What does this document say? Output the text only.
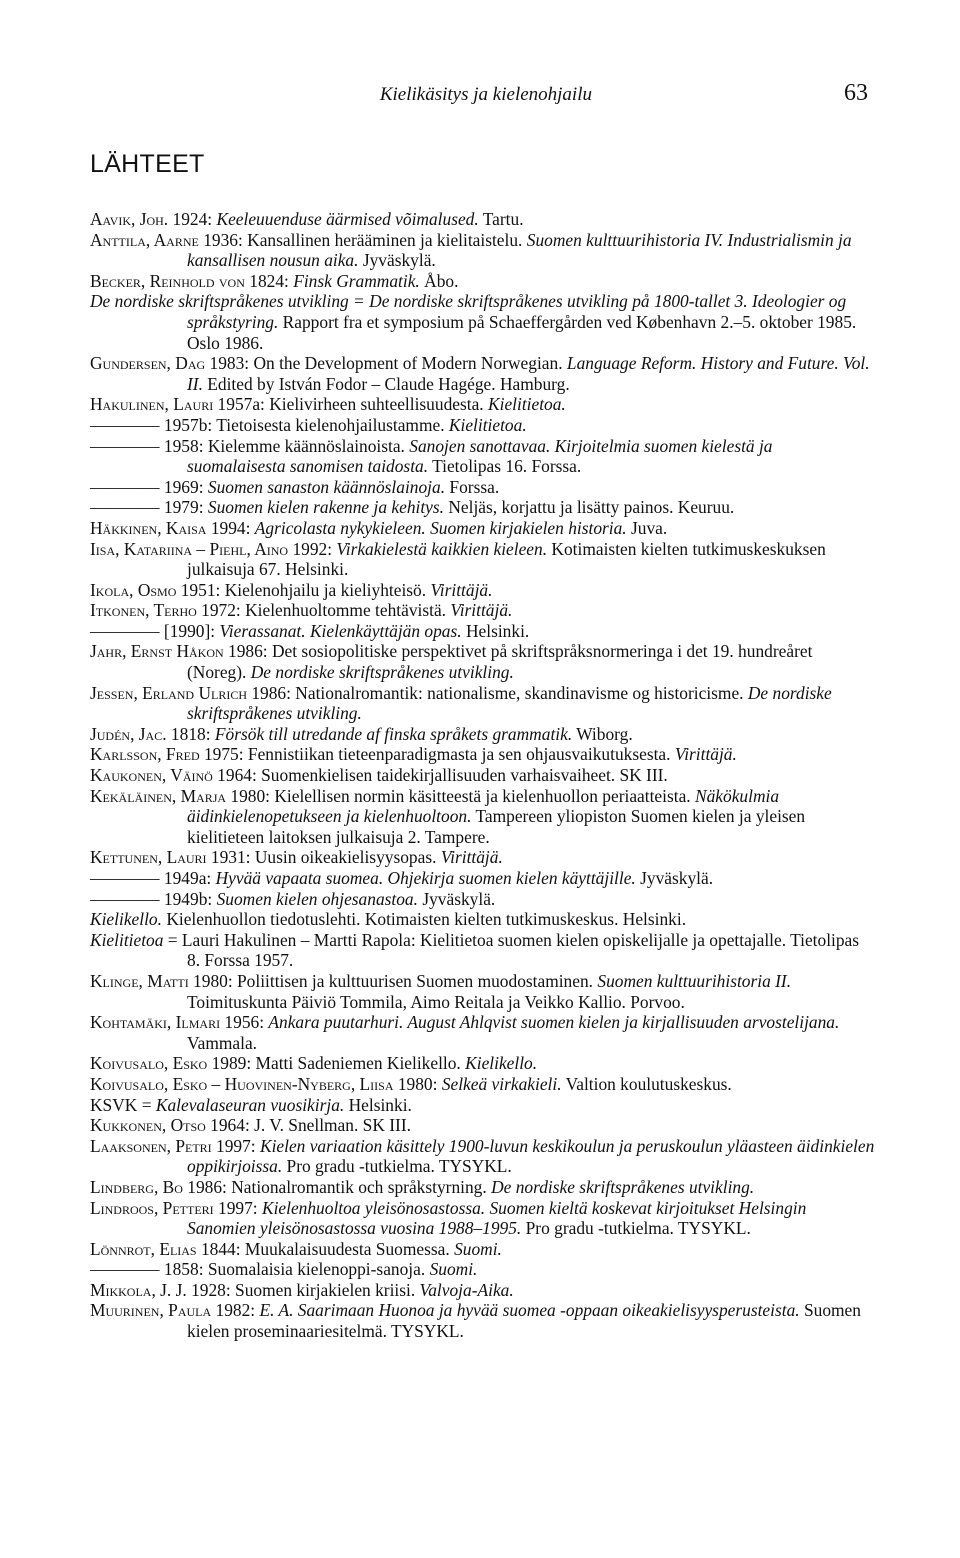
Kielikäsitys ja kielenohjailu	63
LÄHTEET

Aavik, Joh. 1924: Keeleuuenduse äärmised võimalused. Tartu.

Anttila, Aarne 1936: Kansallinen herääminen ja kielitaistelu. Suomen kulttuurihistoria IV. Industrialismin ja kansallisen nousun aika. Jyväskylä.

Becker, Reinhold von 1824: Finsk Grammatik. Åbo.

De nordiske skriftspråkenes utvikling = De nordiske skriftspråkenes utvikling på 1800-tallet 3. Ideologier og språkstyring. Rapport fra et symposium på Schaeffergården ved København 2.–5. oktober 1985. Oslo 1986.

Gundersen, Dag 1983: On the Development of Modern Norwegian. Language Reform. History and Future. Vol. II. Edited by István Fodor – Claude Hagége. Hamburg.

Hakulinen, Lauri 1957a: Kielivirheen suhteellisuudesta. Kielitietoa.

———— 1957b: Tietoisesta kielenohjailustamme. Kielitietoa.

———— 1958: Kielemme käännöslainoista. Sanojen sanottavaa. Kirjoitelmia suomen kielestä ja suomalaisesta sanomisen taidosta. Tietolipas 16. Forssa.

———— 1969: Suomen sanaston käännöslainoja. Forssa.

———— 1979: Suomen kielen rakenne ja kehitys. Neljäs, korjattu ja lisätty painos. Keuruu.

Häkkinen, Kaisa 1994: Agricolasta nykykieleen. Suomen kirjakielen historia. Juva.

Iisa, Katariina – Piehl, Aino 1992: Virkakielestä kaikkien kieleen. Kotimaisten kielten tutkimuskeskuksen julkaisuja 67. Helsinki.

Ikola, Osmo 1951: Kielenohjailu ja kieliyhteisö. Virittäjä.

Itkonen, Terho 1972: Kielenhuoltomme tehtävistä. Virittäjä.

———— [1990]: Vierassanat. Kielenkäyttäjän opas. Helsinki.

Jahr, Ernst Håkon 1986: Det sosiopolitiske perspektivet på skriftspråksnormeringa i det 19. hundreåret (Noreg). De nordiske skriftspråkenes utvikling.

Jessen, Erland Ulrich 1986: Nationalromantik: nationalisme, skandinavisme og historicisme. De nordiske skriftspråkenes utvikling.

Judén, Jac. 1818: Försök till utredande af finska språkets grammatik. Wiborg.

Karlsson, Fred 1975: Fennistiikan tieteenparadigmasta ja sen ohjausvaikutuksesta. Virittäjä.

Kaukonen, Väinö 1964: Suomenkielisen taidekirjallisuuden varhaisvaiheet. SK III.

Kekäläinen, Marja 1980: Kielellisen normin käsitteestä ja kielenhuollon periaatteista. Näkökulmia äidinkielenopetukseen ja kielenhuoltoon. Tampereen yliopiston Suomen kielen ja yleisen kielitieteen laitoksen julkaisuja 2. Tampere.

Kettunen, Lauri 1931: Uusin oikeakielisyysopas. Virittäjä.

———— 1949a: Hyvää vapaata suomea. Ohjekirja suomen kielen käyttäjille. Jyväskylä.

———— 1949b: Suomen kielen ohjesanastoa. Jyväskylä.

Kielikello. Kielenhuollon tiedotuslehti. Kotimaisten kielten tutkimuskeskus. Helsinki.

Kielitietoa = Lauri Hakulinen – Martti Rapola: Kielitietoa suomen kielen opiskelijalle ja opettajalle. Tietolipas 8. Forssa 1957.

Klinge, Matti 1980: Poliittisen ja kulttuurisen Suomen muodostaminen. Suomen kulttuurihistoria II. Toimituskunta Päiviö Tommila, Aimo Reitala ja Veikko Kallio. Porvoo.

Kohtamäki, Ilmari 1956: Ankara puutarhuri. August Ahlqvist suomen kielen ja kirjallisuuden arvostelijana. Vammala.

Koivusalo, Esko 1989: Matti Sadeniemen Kielikello. Kielikello.

Koivusalo, Esko – Huovinen-Nyberg, Liisa 1980: Selkeä virkakieli. Valtion koulutuskeskus.

KSVK = Kalevalaseuran vuosikirja. Helsinki.

Kukkonen, Otso 1964: J. V. Snellman. SK III.

Laaksonen, Petri 1997: Kielen variaation käsittely 1900-luvun keskikoulun ja peruskoulun yläasteen äidinkielen oppikirjoissa. Pro gradu -tutkielma. TYSYKL.

Lindberg, Bo 1986: Nationalromantik och språkstyrning. De nordiske skriftspråkenes utvikling.

Lindroos, Petteri 1997: Kielenhuoltoa yleisönosastossa. Suomen kieltä koskevat kirjoitukset Helsingin Sanomien yleisönosastossa vuosina 1988–1995. Pro gradu -tutkielma. TYSYKL.

Lönnrot, Elias 1844: Muukalaisuudesta Suomessa. Suomi.

———— 1858: Suomalaisia kielenoppi-sanoja. Suomi.

Mikkola, J. J. 1928: Suomen kirjakielen kriisi. Valvoja-Aika.

Muurinen, Paula 1982: E. A. Saarimaan Huonoa ja hyvää suomea -oppaan oikeakielisyysperusteista. Suomen kielen proseminaariesitelmä. TYSYKL.
